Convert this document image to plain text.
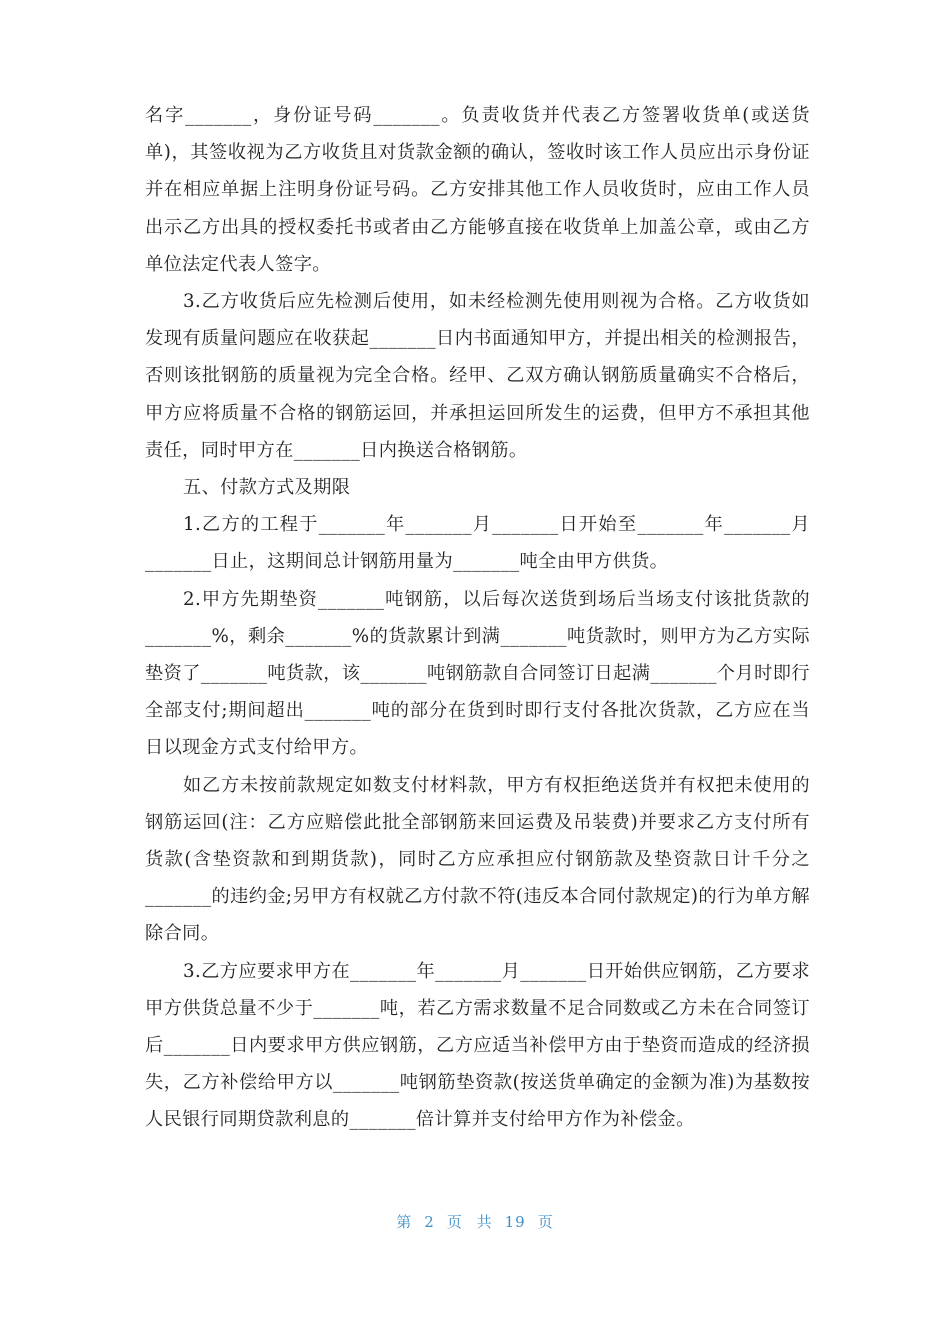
名字_______，身份证号码_______。负责收货并代表乙方签署收货单(或送货单)，其签收视为乙方收货且对货款金额的确认，签收时该工作人员应出示身份证并在相应单据上注明身份证号码。乙方安排其他工作人员收货时，应由工作人员出示乙方出具的授权委托书或者由乙方能够直接在收货单上加盖公章，或由乙方单位法定代表人签字。

3.乙方收货后应先检测后使用，如未经检测先使用则视为合格。乙方收货如发现有质量问题应在收获起_______日内书面通知甲方，并提出相关的检测报告，否则该批钢筋的质量视为完全合格。经甲、乙双方确认钢筋质量确实不合格后，甲方应将质量不合格的钢筋运回，并承担运回所发生的运费，但甲方不承担其他责任，同时甲方在_______日内换送合格钢筋。

五、付款方式及期限

1.乙方的工程于_______年_______月_______日开始至_______年_______月_______日止，这期间总计钢筋用量为_______吨全由甲方供货。

2.甲方先期垫资_______吨钢筋，以后每次送货到场后当场支付该批货款的_______%，剩余_______%的货款累计到满_______吨货款时，则甲方为乙方实际垫资了_______吨货款，该_______吨钢筋款自合同签订日起满_______个月时即行全部支付;期间超出_______吨的部分在货到时即行支付各批次货款，乙方应在当日以现金方式支付给甲方。

如乙方未按前款规定如数支付材料款，甲方有权拒绝送货并有权把未使用的钢筋运回(注：乙方应赔偿此批全部钢筋来回运费及吊装费)并要求乙方支付所有货款(含垫资款和到期货款)，同时乙方应承担应付钢筋款及垫资款日计千分之_______的违约金;另甲方有权就乙方付款不符(违反本合同付款规定)的行为单方解除合同。

3.乙方应要求甲方在_______年_______月_______日开始供应钢筋，乙方要求甲方供货总量不少于_______吨，若乙方需求数量不足合同数或乙方未在合同签订后_______日内要求甲方供应钢筋，乙方应适当补偿甲方由于垫资而造成的经济损失，乙方补偿给甲方以_______吨钢筋垫资款(按送货单确定的金额为准)为基数按人民银行同期贷款利息的_______倍计算并支付给甲方作为补偿金。

第 2 页 共 19 页
